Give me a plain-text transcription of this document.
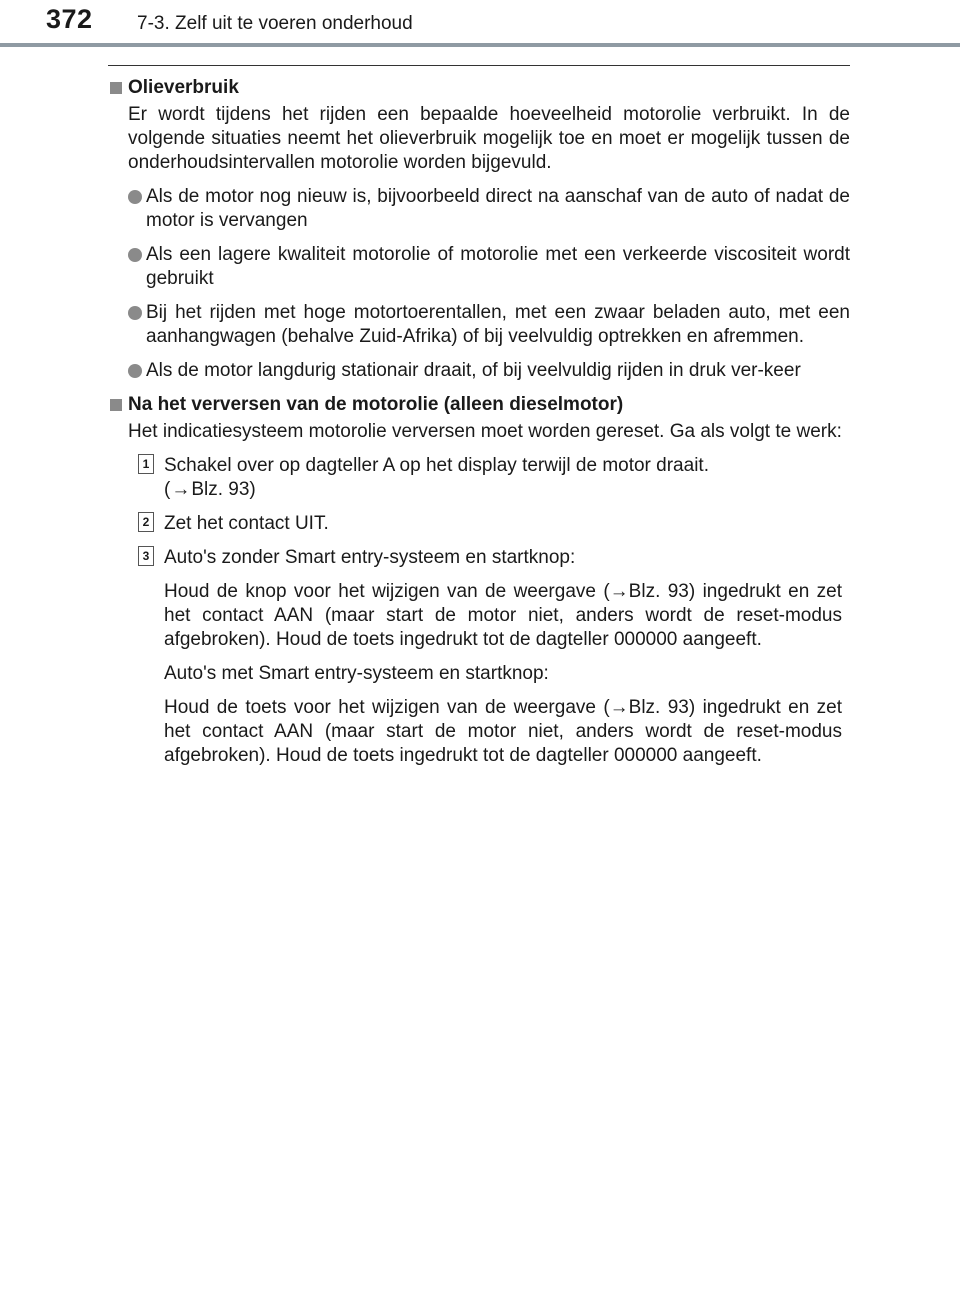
372 7-3. Zelf uit te voeren onderhoud
Olieverbruik
Er wordt tijdens het rijden een bepaalde hoeveelheid motorolie verbruikt. In de volgende situaties neemt het olieverbruik mogelijk toe en moet er mogelijk tussen de onderhoudsintervallen motorolie worden bijgevuld.
Als de motor nog nieuw is, bijvoorbeeld direct na aanschaf van de auto of nadat de motor is vervangen
Als een lagere kwaliteit motorolie of motorolie met een verkeerde viscositeit wordt gebruikt
Bij het rijden met hoge motortoerentallen, met een zwaar beladen auto, met een aanhangwagen (behalve Zuid-Afrika) of bij veelvuldig optrekken en afremmen.
Als de motor langdurig stationair draait, of bij veelvuldig rijden in druk ver-keer
Na het verversen van de motorolie (alleen dieselmotor)
Het indicatiesysteem motorolie verversen moet worden gereset. Ga als volgt te werk:
1 Schakel over op dagteller A op het display terwijl de motor draait.
(→Blz. 93)
2 Zet het contact UIT.
3 Auto's zonder Smart entry-systeem en startknop:
Houd de knop voor het wijzigen van de weergave (→Blz. 93) ingedrukt en zet het contact AAN (maar start de motor niet, anders wordt de reset-modus afgebroken). Houd de toets ingedrukt tot de dagteller 000000 aangeeft.
Auto's met Smart entry-systeem en startknop:
Houd de toets voor het wijzigen van de weergave (→Blz. 93) ingedrukt en zet het contact AAN (maar start de motor niet, anders wordt de reset-modus afgebroken). Houd de toets ingedrukt tot de dagteller 000000 aangeeft.
